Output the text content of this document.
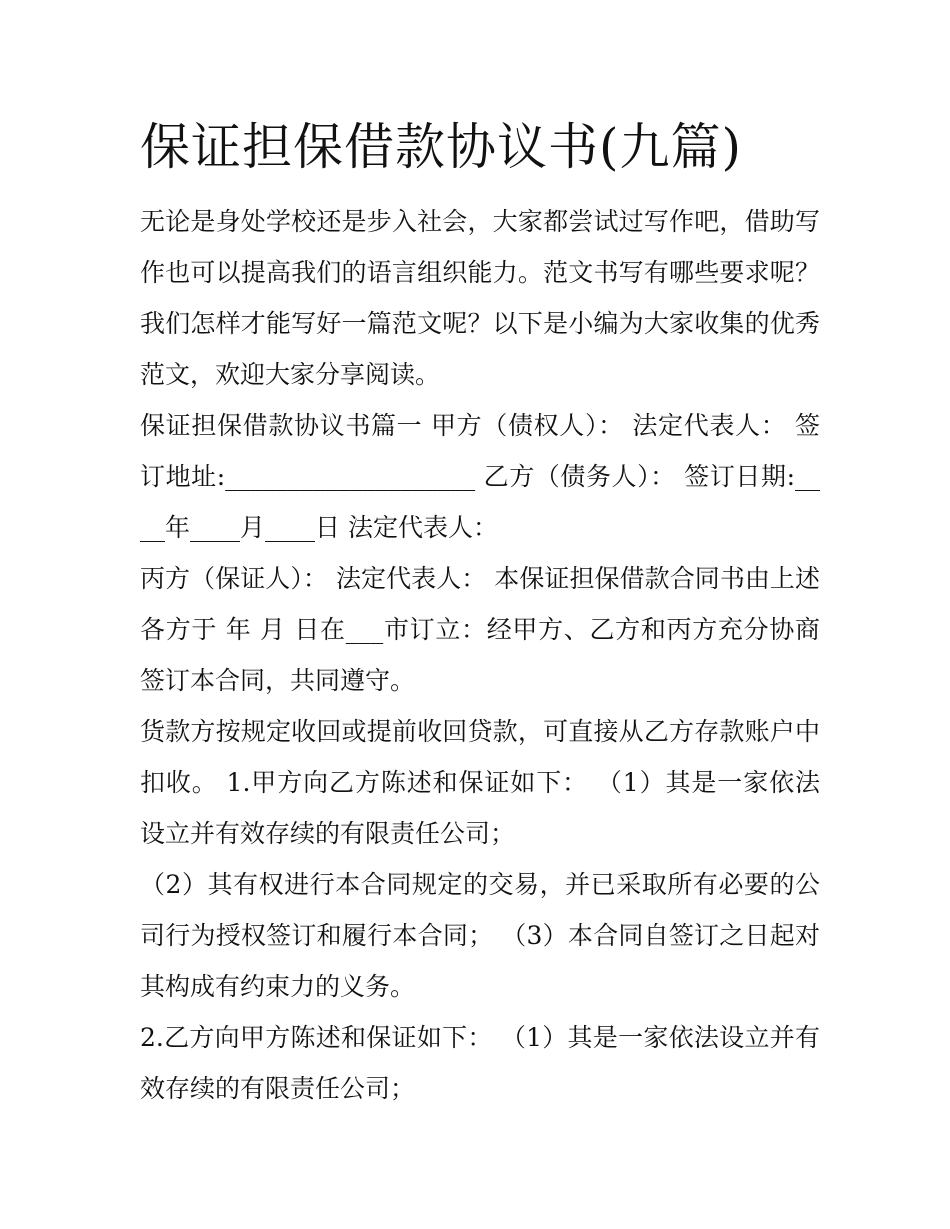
保证担保借款协议书(九篇)

无论是身处学校还是步入社会，大家都尝试过写作吧，借助写作也可以提高我们的语言组织能力。范文书写有哪些要求呢？我们怎样才能写好一篇范文呢？以下是小编为大家收集的优秀范文，欢迎大家分享阅读。

保证担保借款协议书篇一 甲方（债权人）： 法定代表人： 签订地址:____________________ 乙方（债务人）： 签订日期:____年____月____日 法定代表人：

丙方（保证人）： 法定代表人： 本保证担保借款合同书由上述各方于 年 月 日在___市订立：经甲方、乙方和丙方充分协商签订本合同，共同遵守。

货款方按规定收回或提前收回贷款，可直接从乙方存款账户中扣收。 1.甲方向乙方陈述和保证如下： （1）其是一家依法设立并有效存续的有限责任公司；

（2）其有权进行本合同规定的交易，并已采取所有必要的公司行为授权签订和履行本合同； （3）本合同自签订之日起对其构成有约束力的义务。

2.乙方向甲方陈述和保证如下： （1）其是一家依法设立并有效存续的有限责任公司；
